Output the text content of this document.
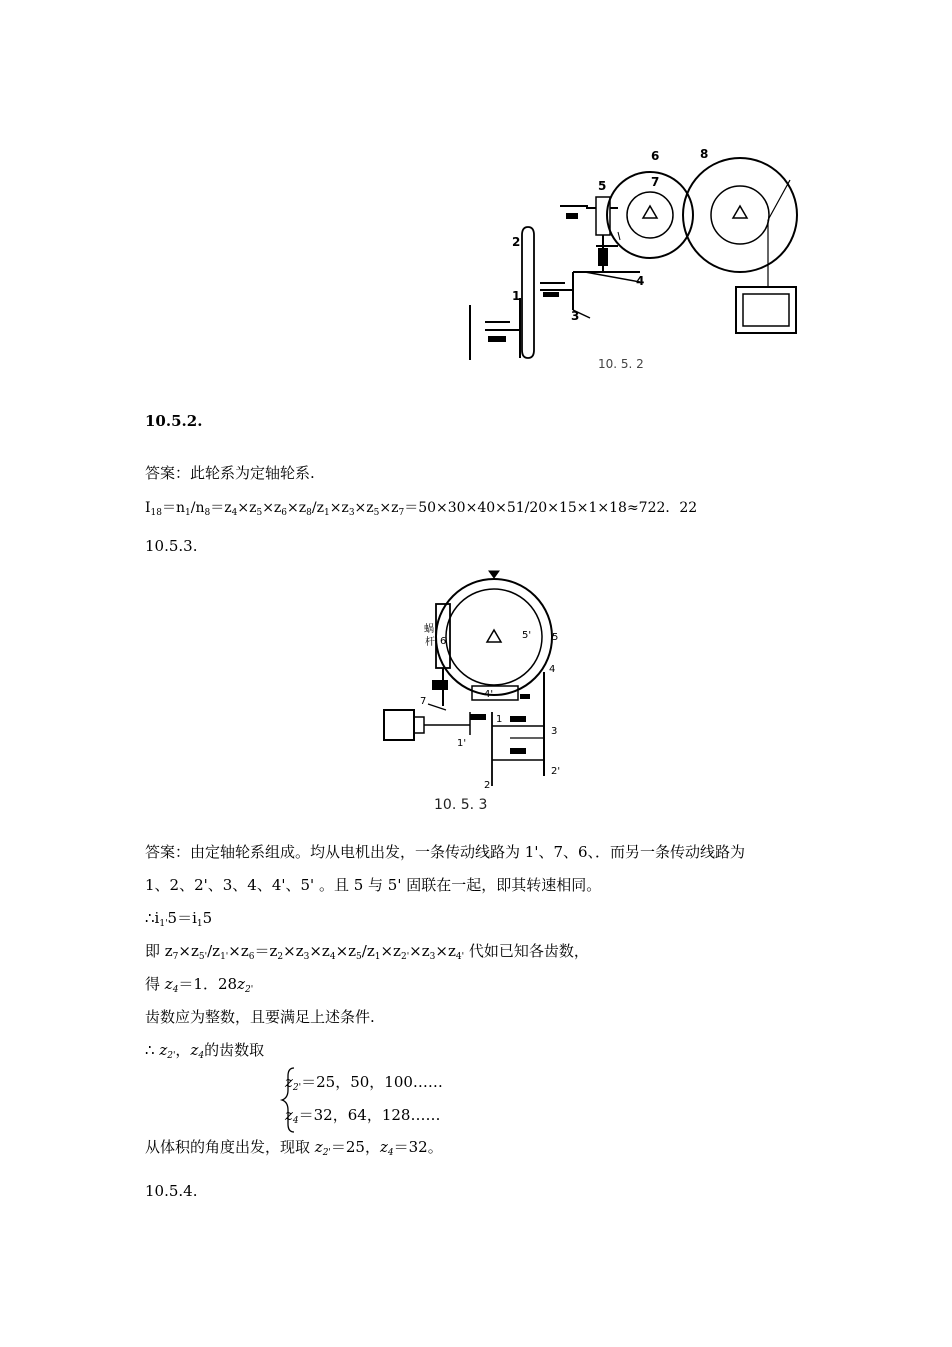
6	8
7
5
4
3
2
1
10. 5. 2
10.5.2.
答案：此轮系为定轴轮系.
$I_{18}=n_1/n_8=z_4\times z_5\times z_6\times z_8/z_1\times z_3\times z_5\times z_7=50\times 30\times 40\times 51/20\times 15\times 1\times 18\approx 722$．22
10.5.3.
蜗
杆 6
5' 5
4
4'
7
1
1'
3
2
2'
10. 5. 3
答案：由定轴轮系组成。均从电机出发，一条传动线路为 1'、7、6、．而另一条传动线路为
1、2、2'、3、4、4'、5' 。且 5 与 5' 固联在一起，即其转速相同。
$\therefore i_{1'}5=i_15$
即 $z_7\times z_{5'}/z_{1'}\times z_6=z_2\times z_3\times z_4\times z_5/z_1\times z_{2'}\times z_3\times z_{4'}$ 代如已知各齿数，
得 $z_4=1$．$28z_{2'}$
齿数应为整数，且要满足上述条件.
∴ $z_{2'}$，$z_4$的齿数取
$z_{2'}=25$，50，100……
$z_4=32$，64，128……
从体积的角度出发，现取 $z_{2'}=25$，$z_4=32$。
10.5.4.
